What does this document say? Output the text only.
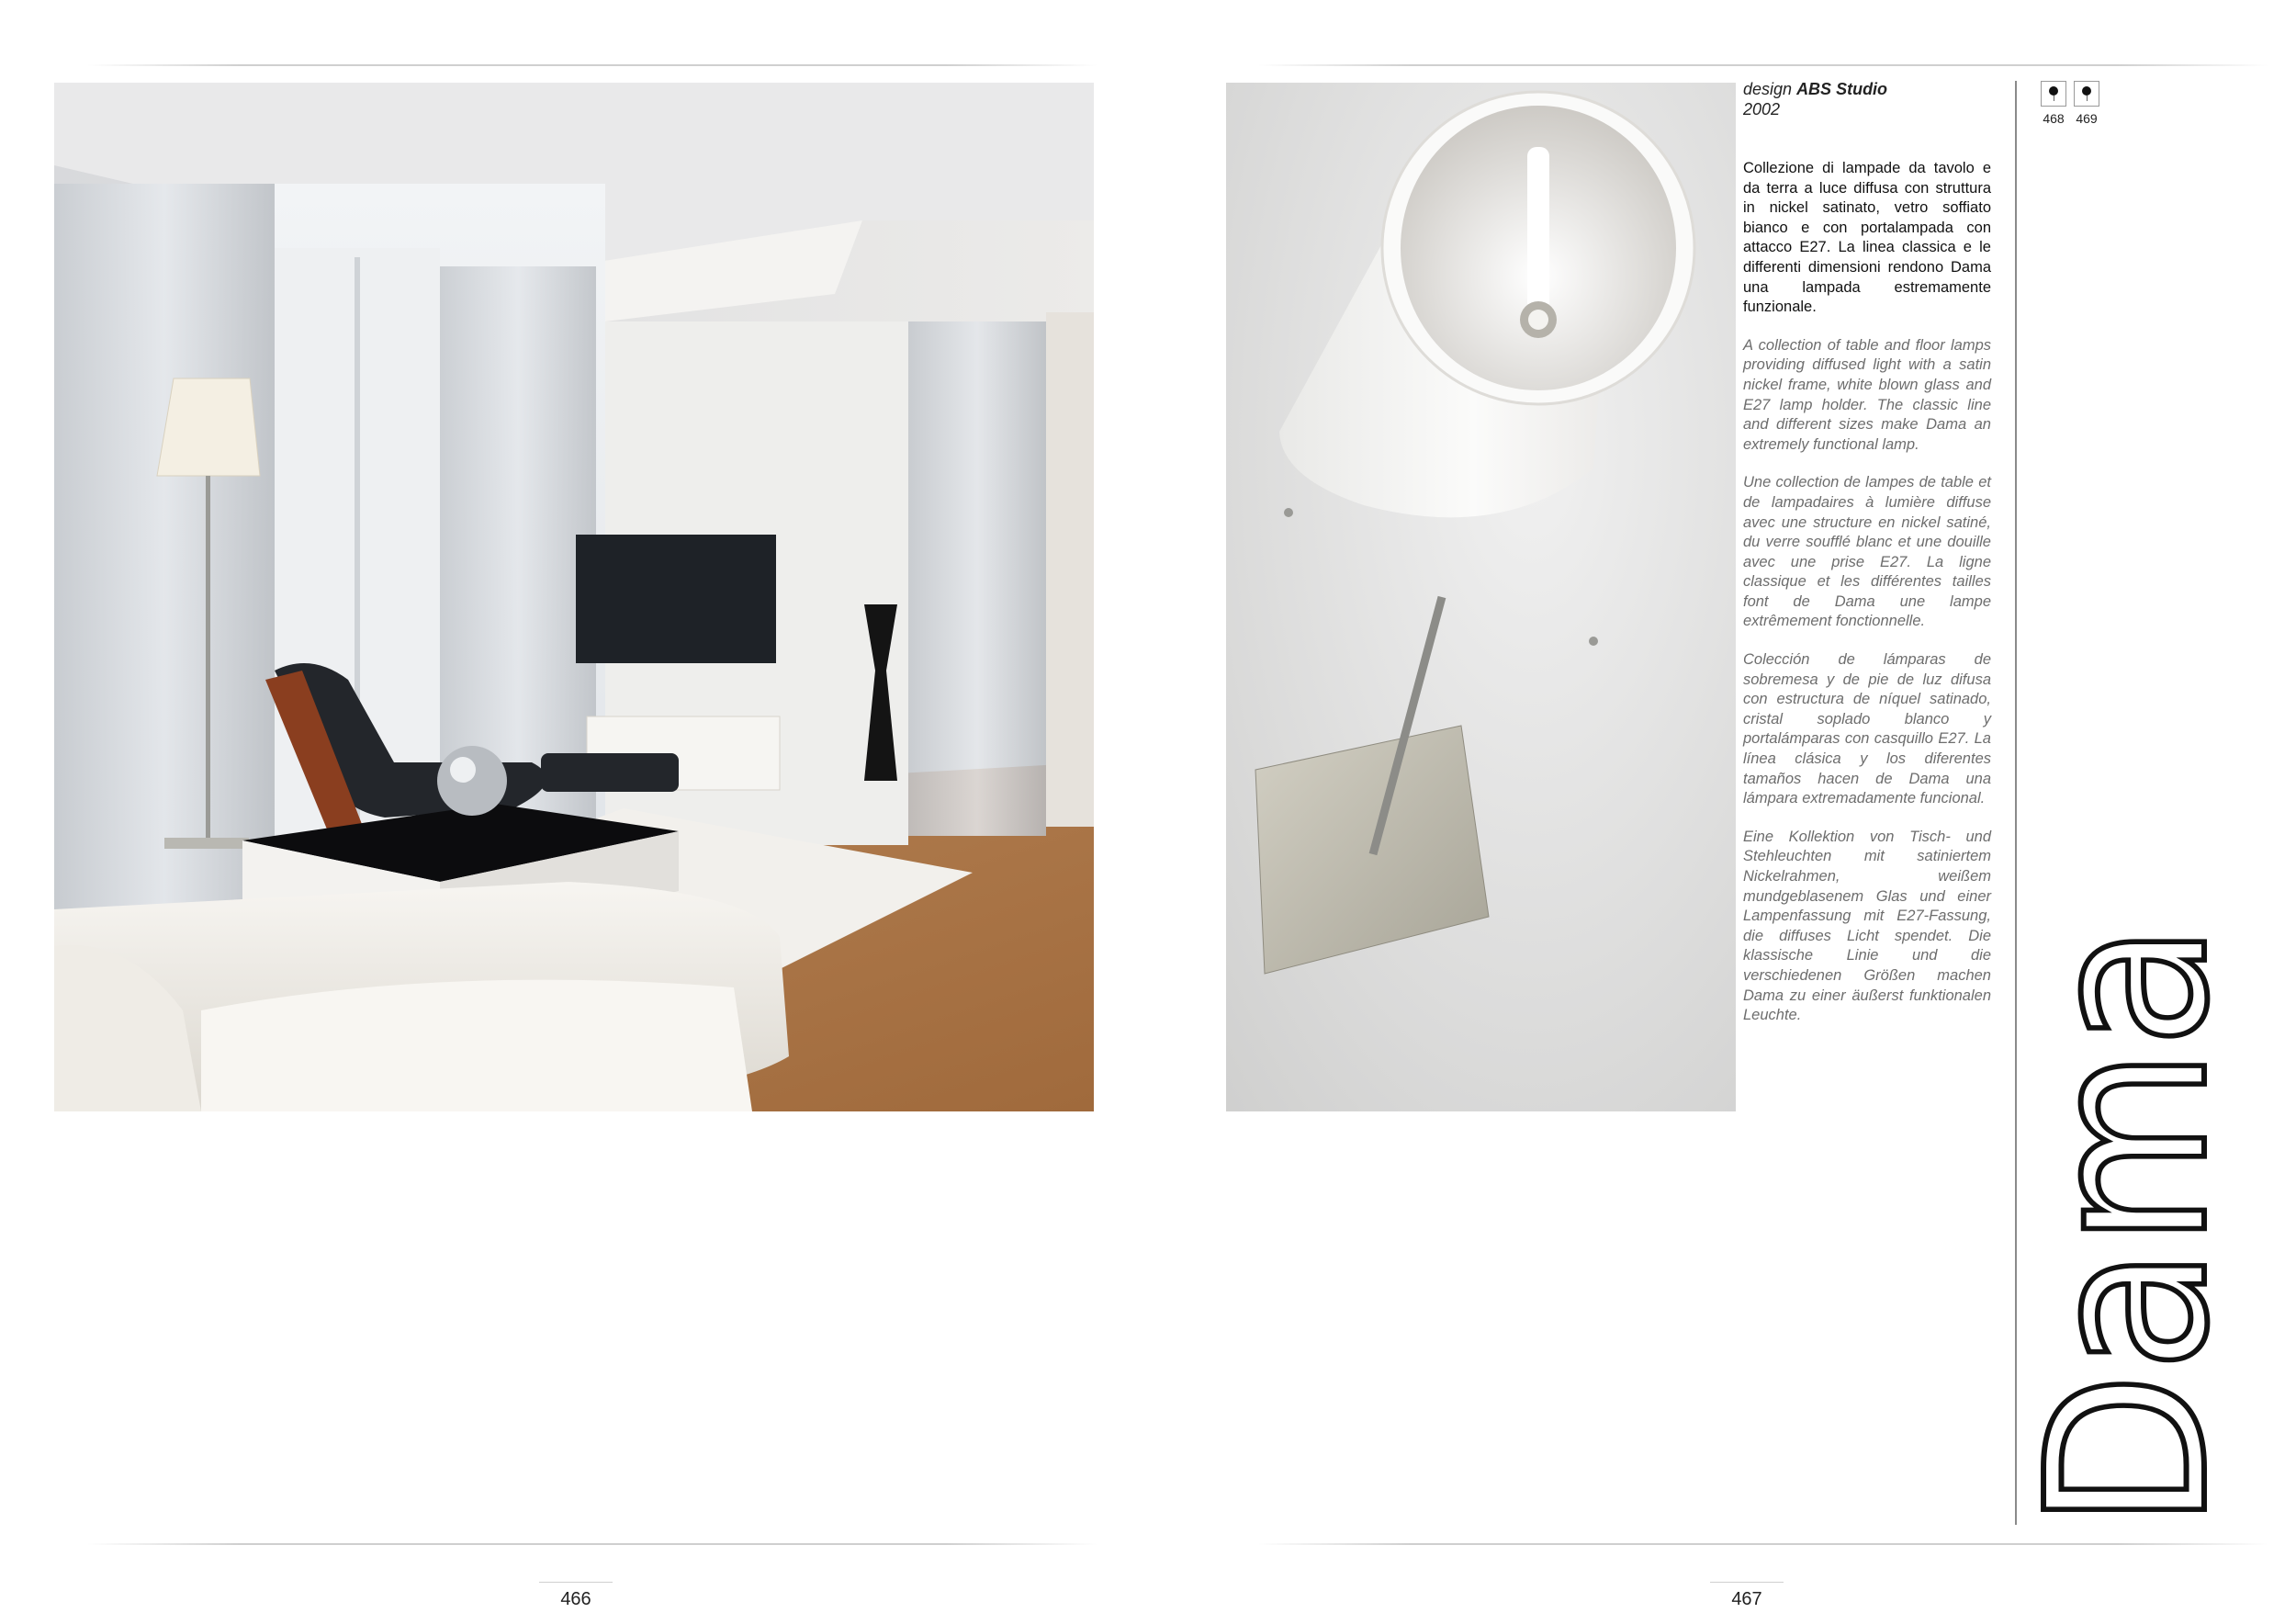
design ABS Studio
2002

Collezione di lampade da tavolo e da terra a luce diffusa con struttura in nickel satinato, vetro soffiato bianco e con portalampada con attacco E27. La linea classica e le differenti dimensioni rendono Dama una lampada estremamente funzionale.

A collection of table and floor lamps providing diffused light with a satin nickel frame, white blown glass and E27 lamp holder. The classic line and different sizes make Dama an extremely functional lamp.

Une collection de lampes de table et de lampadaires à lumière diffuse avec une structure en nickel satiné, du verre soufflé blanc et une douille avec une prise E27. La ligne classique et les différentes tailles font de Dama une lampe extrêmement fonctionnelle.

Colección de lámparas de sobremesa y de pie de luz difusa con estructura de níquel satinado, cristal soplado blanco y portalámparas con casquillo E27. La línea clásica y los diferentes tamaños hacen de Dama una lámpara extremadamente funcional.

Eine Kollektion von Tisch- und Stehleuchten mit satiniertem Nickelrahmen, weißem mundgeblasenem Glas und einer Lampenfassung mit E27-Fassung, die diffuses Licht spendet. Die klassische Linie und die verschiedenen Größen machen Dama zu einer äußerst funktionalen Leuchte.

468 469
Dama
466	467
